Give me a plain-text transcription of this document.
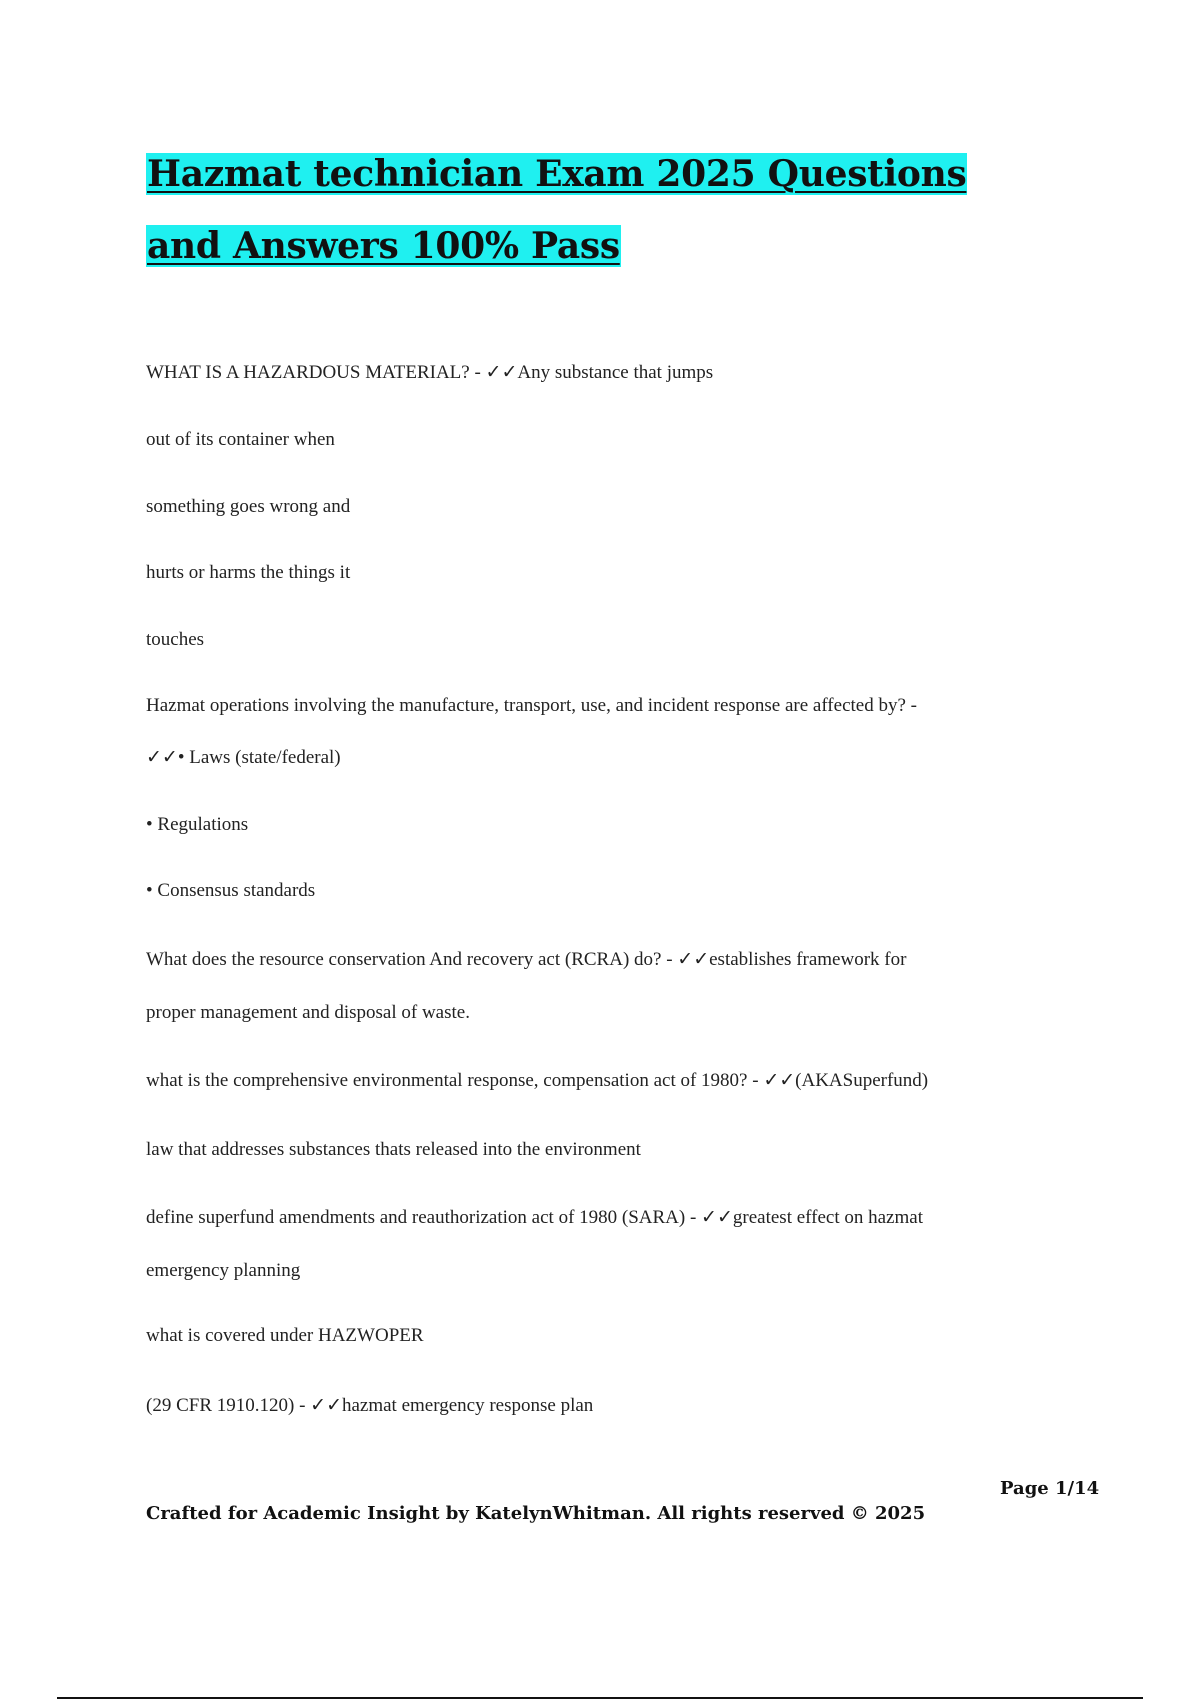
Hazmat technician Exam 2025 Questions and Answers 100% Pass

WHAT IS A HAZARDOUS MATERIAL? - ✓✓Any substance that jumps

out of its container when

something goes wrong and

hurts or harms the things it

touches

Hazmat operations involving the manufacture, transport, use, and incident response are affected by? -

✓✓• Laws (state/federal)

• Regulations

• Consensus standards

What does the resource conservation And recovery act (RCRA) do? - ✓✓establishes framework for

proper management and disposal of waste.

what is the comprehensive environmental response, compensation act of 1980? - ✓✓(AKASuperfund)

law that addresses substances thats released into the environment

define superfund amendments and reauthorization act of 1980 (SARA) - ✓✓greatest effect on hazmat

emergency planning

what is covered under HAZWOPER

(29 CFR 1910.120) - ✓✓hazmat emergency response plan

Page 1/14
Crafted for Academic Insight by KatelynWhitman. All rights reserved © 2025
